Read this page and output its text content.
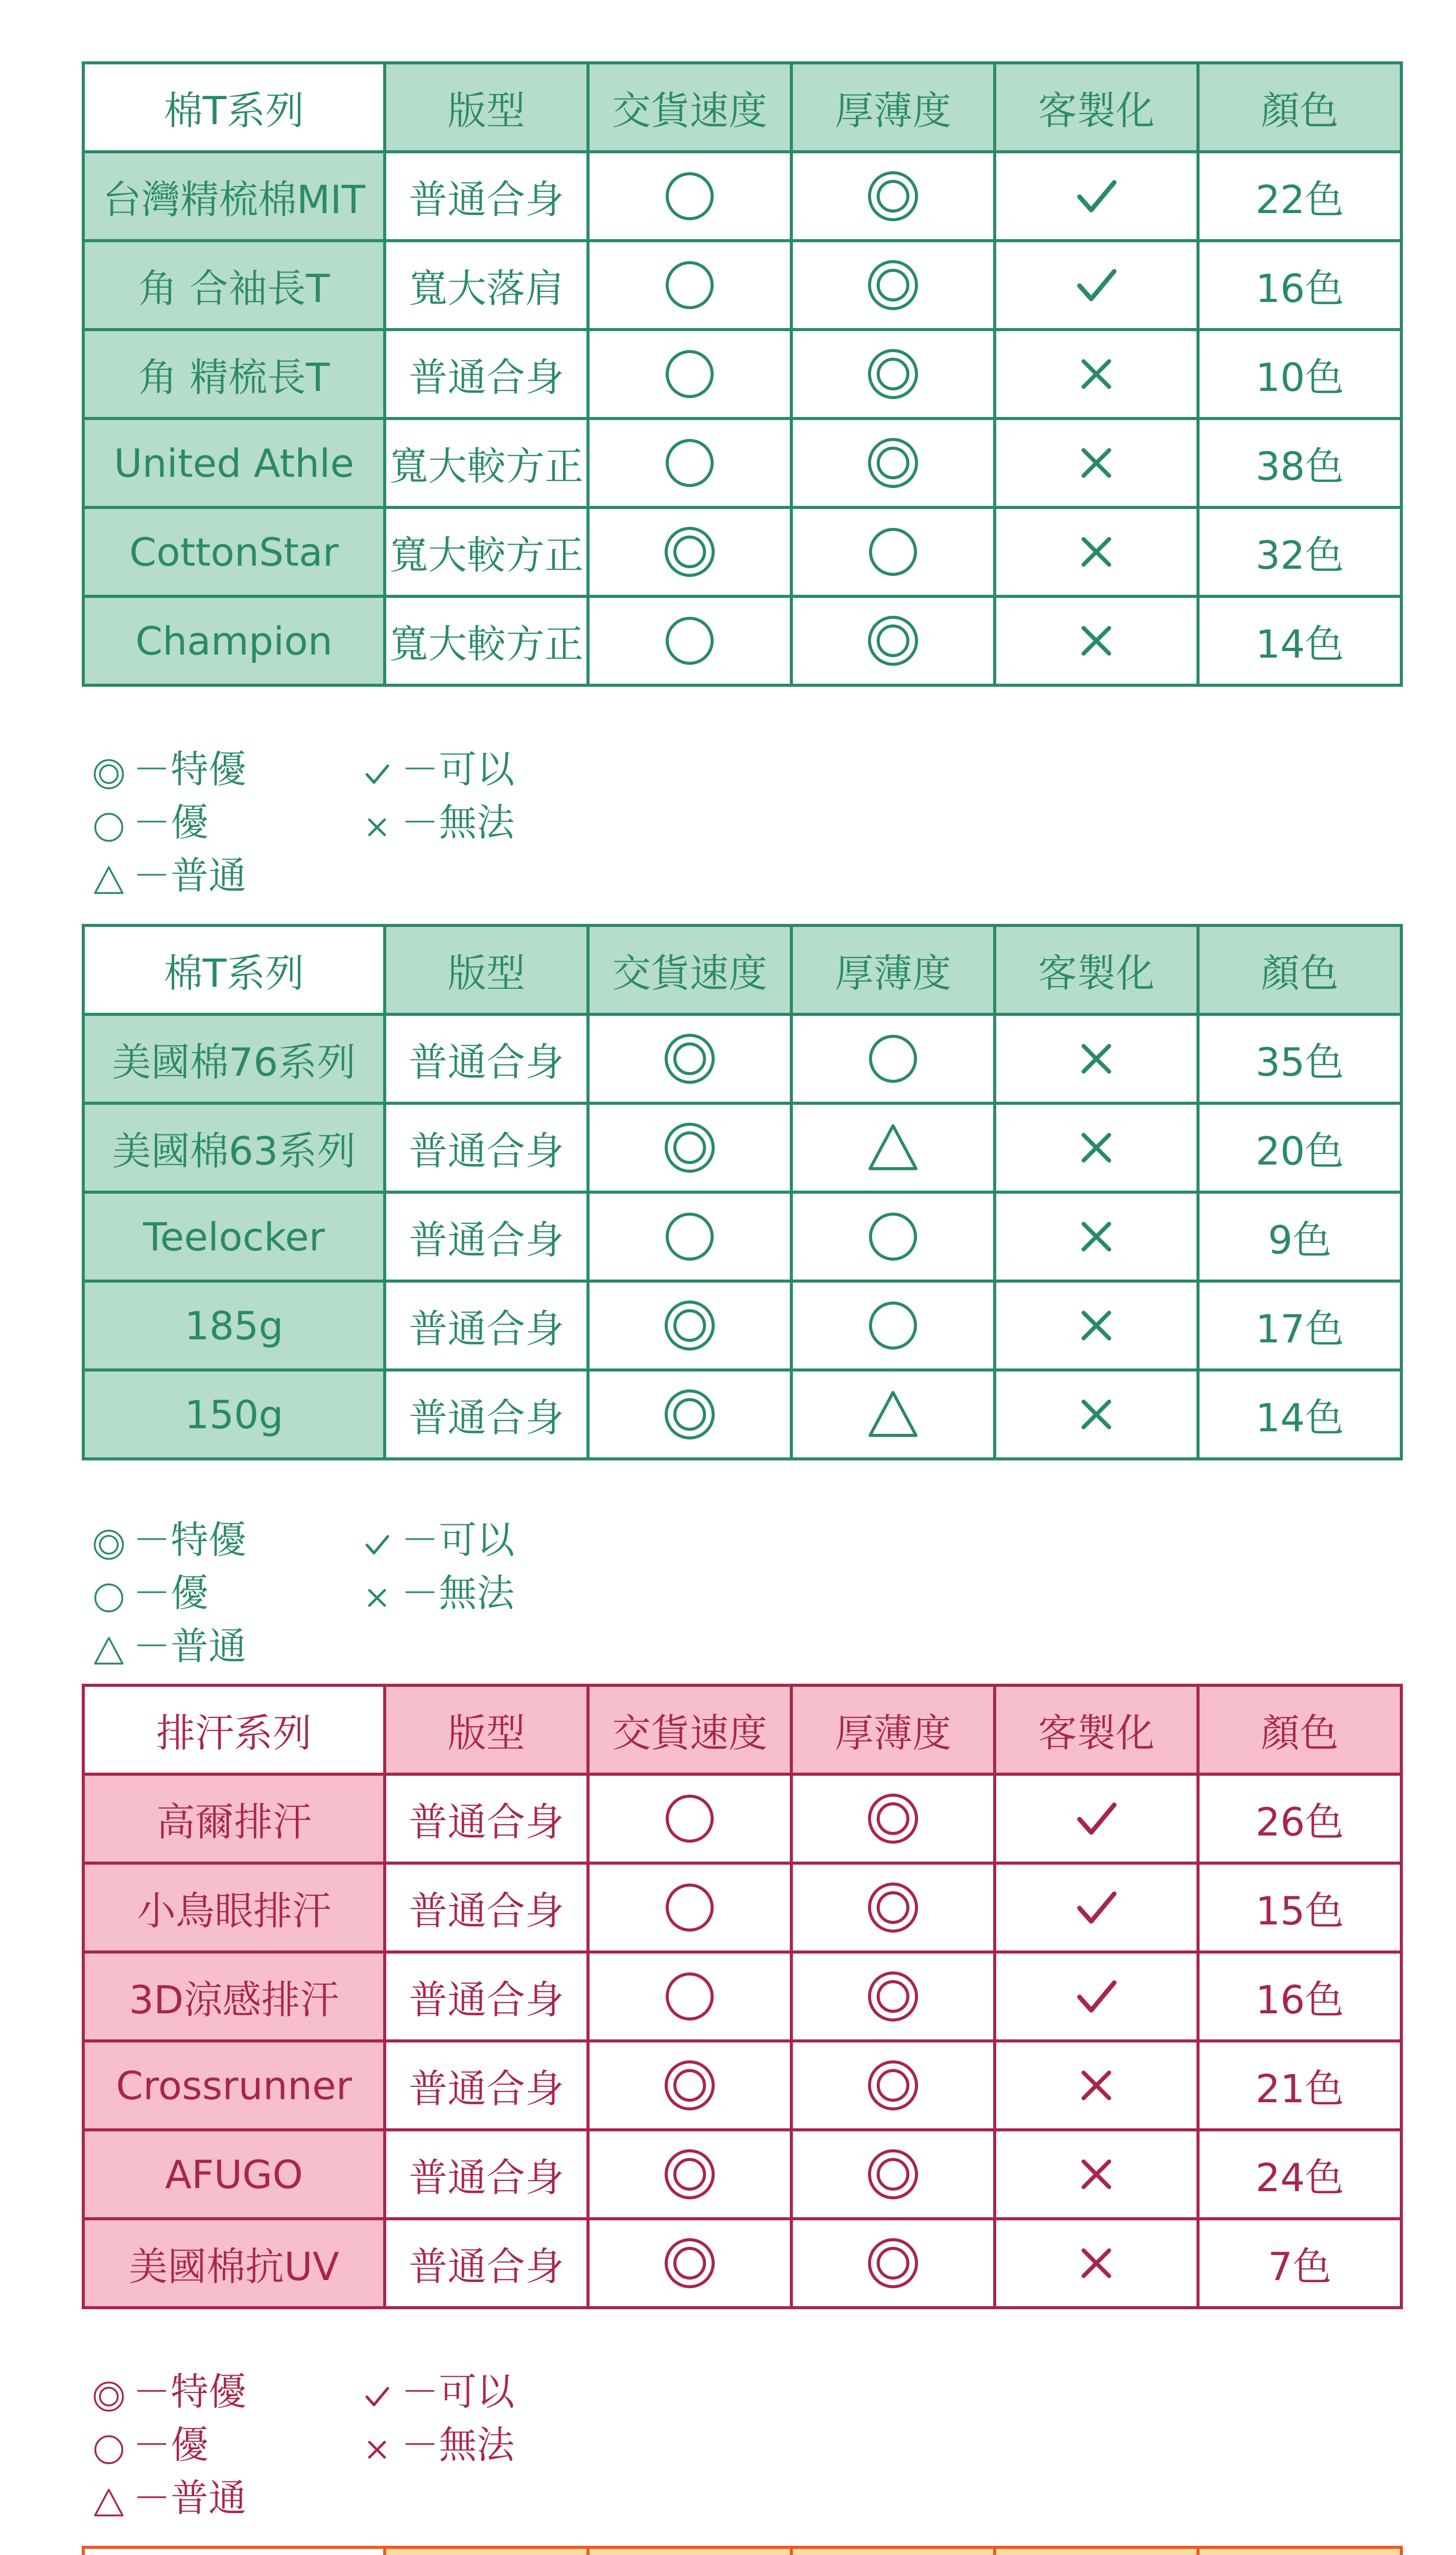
棉T系列	版型	交貨速度	厚薄度	客製化	顏色
台灣精梳棉MIT	普通合身				22色
角 合袖長T	寬大落肩				16色
角 精梳長T	普通合身				10色
United Athle	寬大較方正				38色
CottonStar	寬大較方正				32色
Champion	寬大較方正				14色
－特優
－優
－普通
－可以
－無法
棉T系列	版型	交貨速度	厚薄度	客製化	顏色
美國棉76系列	普通合身				35色
美國棉63系列	普通合身				20色
Teelocker	普通合身				9色
185g	普通合身				17色
150g	普通合身				14色
－特優
－優
－普通
－可以
－無法
排汗系列	版型	交貨速度	厚薄度	客製化	顏色
高爾排汗	普通合身				26色
小鳥眼排汗	普通合身				15色
3D涼感排汗	普通合身				16色
Crossrunner	普通合身				21色
AFUGO	普通合身				24色
美國棉抗UV	普通合身				7色
－特優
－優
－普通
－可以
－無法
